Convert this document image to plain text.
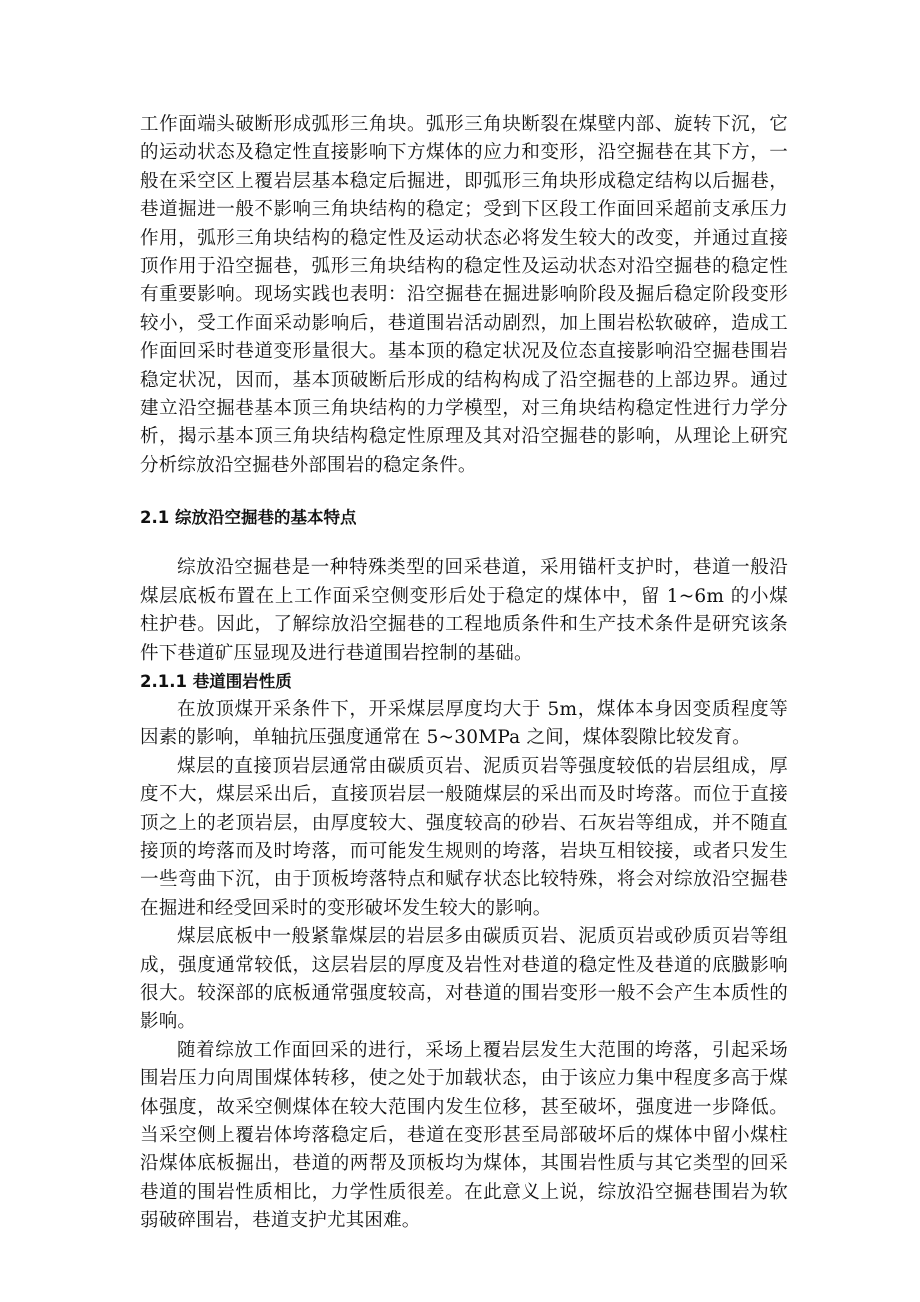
工作面端头破断形成弧形三角块。弧形三角块断裂在煤壁内部、旋转下沉，它的运动状态及稳定性直接影响下方煤体的应力和变形，沿空掘巷在其下方，一般在采空区上覆岩层基本稳定后掘进，即弧形三角块形成稳定结构以后掘巷，巷道掘进一般不影响三角块结构的稳定；受到下区段工作面回采超前支承压力作用，弧形三角块结构的稳定性及运动状态必将发生较大的改变，并通过直接顶作用于沿空掘巷，弧形三角块结构的稳定性及运动状态对沿空掘巷的稳定性有重要影响。现场实践也表明：沿空掘巷在掘进影响阶段及掘后稳定阶段变形较小，受工作面采动影响后，巷道围岩活动剧烈，加上围岩松软破碎，造成工作面回采时巷道变形量很大。基本顶的稳定状况及位态直接影响沿空掘巷围岩稳定状况，因而，基本顶破断后形成的结构构成了沿空掘巷的上部边界。通过建立沿空掘巷基本顶三角块结构的力学模型，对三角块结构稳定性进行力学分析，揭示基本顶三角块结构稳定性原理及其对沿空掘巷的影响，从理论上研究分析综放沿空掘巷外部围岩的稳定条件。

2.1 综放沿空掘巷的基本特点

综放沿空掘巷是一种特殊类型的回采巷道，采用锚杆支护时，巷道一般沿煤层底板布置在上工作面采空侧变形后处于稳定的煤体中，留 1~6m 的小煤柱护巷。因此，了解综放沿空掘巷的工程地质条件和生产技术条件是研究该条件下巷道矿压显现及进行巷道围岩控制的基础。

2.1.1 巷道围岩性质

在放顶煤开采条件下，开采煤层厚度均大于 5m，煤体本身因变质程度等因素的影响，单轴抗压强度通常在 5~30MPa 之间，煤体裂隙比较发育。

煤层的直接顶岩层通常由碳质页岩、泥质页岩等强度较低的岩层组成，厚度不大，煤层采出后，直接顶岩层一般随煤层的采出而及时垮落。而位于直接顶之上的老顶岩层，由厚度较大、强度较高的砂岩、石灰岩等组成，并不随直接顶的垮落而及时垮落，而可能发生规则的垮落，岩块互相铰接，或者只发生一些弯曲下沉，由于顶板垮落特点和赋存状态比较特殊，将会对综放沿空掘巷在掘进和经受回采时的变形破坏发生较大的影响。

煤层底板中一般紧靠煤层的岩层多由碳质页岩、泥质页岩或砂质页岩等组成，强度通常较低，这层岩层的厚度及岩性对巷道的稳定性及巷道的底臌影响很大。较深部的底板通常强度较高，对巷道的围岩变形一般不会产生本质性的影响。

随着综放工作面回采的进行，采场上覆岩层发生大范围的垮落，引起采场围岩压力向周围煤体转移，使之处于加载状态，由于该应力集中程度多高于煤体强度，故采空侧煤体在较大范围内发生位移，甚至破坏，强度进一步降低。当采空侧上覆岩体垮落稳定后，巷道在变形甚至局部破坏后的煤体中留小煤柱沿煤体底板掘出，巷道的两帮及顶板均为煤体，其围岩性质与其它类型的回采巷道的围岩性质相比，力学性质很差。在此意义上说，综放沿空掘巷围岩为软弱破碎围岩，巷道支护尤其困难。
